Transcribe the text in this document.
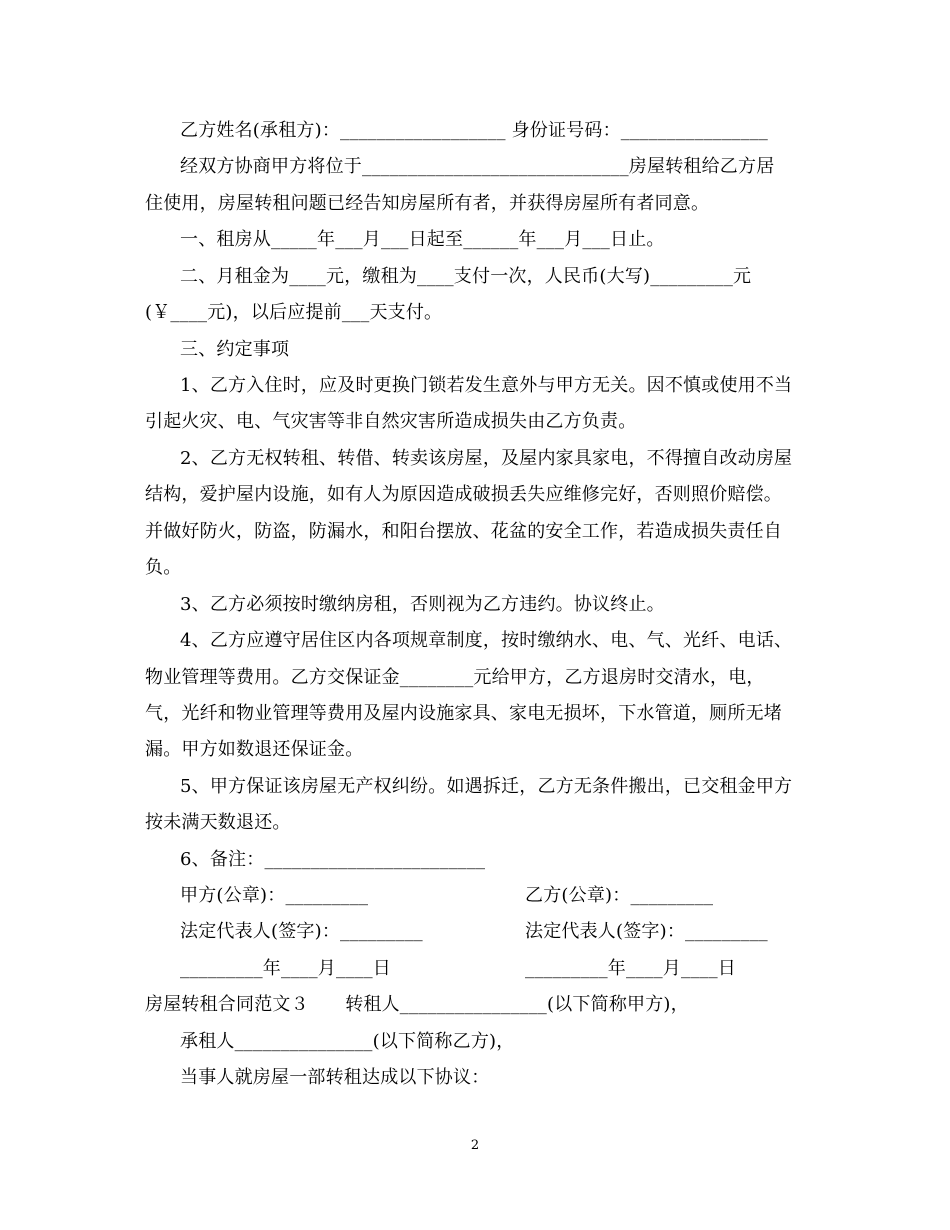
乙方姓名(承租方)：__________________ 身份证号码：________________
经双方协商甲方将位于_____________________________房屋转租给乙方居
住使用，房屋转租问题已经告知房屋所有者，并获得房屋所有者同意。
一、租房从_____年___月___日起至______年___月___日止。
二、月租金为____元，缴租为____支付一次，人民币(大写)_________元
(￥____元)，以后应提前___天支付。
三、约定事项
1、乙方入住时，应及时更换门锁若发生意外与甲方无关。因不慎或使用不当
引起火灾、电、气灾害等非自然灾害所造成损失由乙方负责。
2、乙方无权转租、转借、转卖该房屋，及屋内家具家电，不得擅自改动房屋
结构，爱护屋内设施，如有人为原因造成破损丢失应维修完好，否则照价赔偿。
并做好防火，防盗，防漏水，和阳台摆放、花盆的安全工作，若造成损失责任自
负。
3、乙方必须按时缴纳房租，否则视为乙方违约。协议终止。
4、乙方应遵守居住区内各项规章制度，按时缴纳水、电、气、光纤、电话、
物业管理等费用。乙方交保证金________元给甲方，乙方退房时交清水，电，
气，光纤和物业管理等费用及屋内设施家具、家电无损坏，下水管道，厕所无堵
漏。甲方如数退还保证金。
5、甲方保证该房屋无产权纠纷。如遇拆迁，乙方无条件搬出，已交租金甲方
按未满天数退还。
6、备注：________________________
甲方(公章)：_________	乙方(公章)：_________
法定代表人(签字)：_________	法定代表人(签字)：_________
_________年____月____日	_________年____月____日
房屋转租合同范文３　　转租人________________(以下简称甲方)，
承租人_______________(以下简称乙方)，
当事人就房屋一部转租达成以下协议：
2
